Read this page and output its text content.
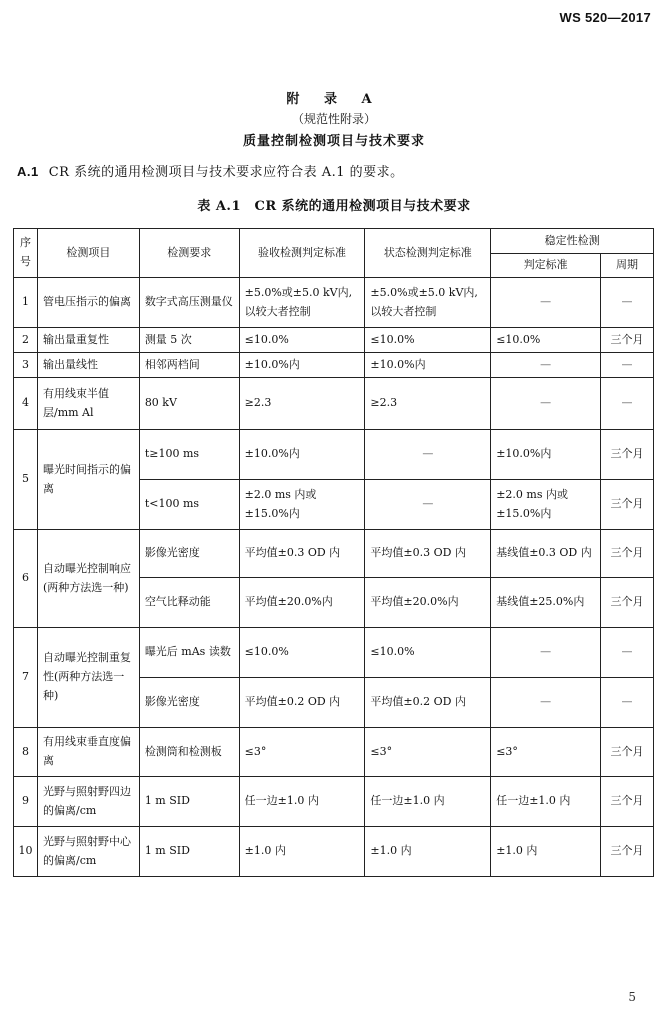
WS 520—2017
附 录 A
（规范性附录）
质量控制检测项目与技术要求
A.1 CR 系统的通用检测项目与技术要求应符合表 A.1 的要求。
表 A.1　CR 系统的通用检测项目与技术要求
序号	检测项目	检测要求	验收检测判定标准	状态检测判定标准	稳定性检测	
					判定标准	周期
1	管电压指示的偏离	数字式高压测量仪	±5.0%或±5.0 kV内,以较大者控制	±5.0%或±5.0 kV内,以较大者控制	—	—
2	输出量重复性	测量 5 次	≤10.0%	≤10.0%	≤10.0%	三个月
3	输出量线性	相邻两档间	±10.0%内	±10.0%内	—	—
4	有用线束半值层/mm Al	80 kV	≥2.3	≥2.3	—	—
5	曝光时间指示的偏离	t≥100 ms	±10.0%内	—	±10.0%内	三个月
		t<100 ms	±2.0 ms 内或±15.0%内	—	±2.0 ms 内或±15.0%内	三个月
6	自动曝光控制响应(两种方法选一种)	影像光密度	平均值±0.3 OD 内	平均值±0.3 OD 内	基线值±0.3 OD 内	三个月
		空气比释动能	平均值±20.0%内	平均值±20.0%内	基线值±25.0%内	三个月
7	自动曝光控制重复性(两种方法选一种)	曝光后 mAs 读数	≤10.0%	≤10.0%	—	—
		影像光密度	平均值±0.2 OD 内	平均值±0.2 OD 内	—	—
8	有用线束垂直度偏离	检测筒和检测板	≤3°	≤3°	≤3°	三个月
9	光野与照射野四边的偏离/cm	1 m SID	任一边±1.0 内	任一边±1.0 内	任一边±1.0 内	三个月
10	光野与照射野中心的偏离/cm	1 m SID	±1.0 内	±1.0 内	±1.0 内	三个月
5
